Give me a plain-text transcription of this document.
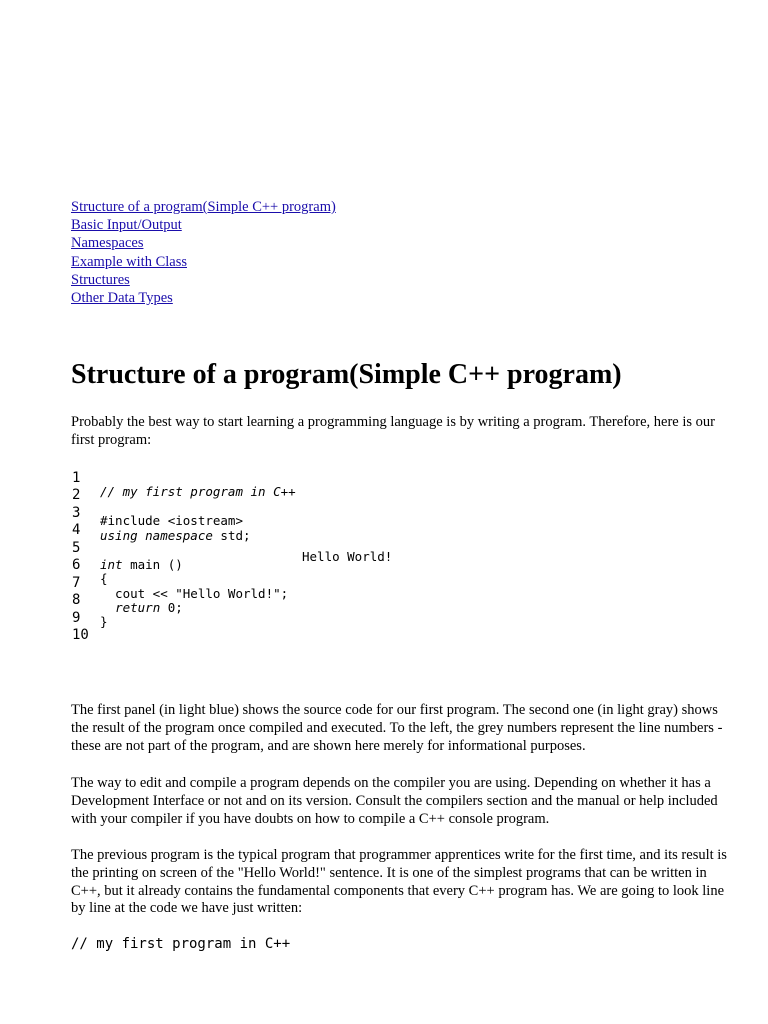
Structure of a program(Simple C++ program)
Basic Input/Output
Namespaces
Example with Class
Structures
Other Data Types
Structure of a program(Simple C++ program)

Probably the best way to start learning a programming language is by writing a program. Therefore, here is our first program:

1
2
3
4
5
6
7
8
9
10
// my first program in C++
#include <iostream>
using namespace std;
int main ()
{
cout << "Hello World!";
return 0;
}
Hello World!

The first panel (in light blue) shows the source code for our first program. The second one (in light gray) shows the result of the program once compiled and executed. To the left, the grey numbers represent the line numbers - these are not part of the program, and are shown here merely for informational purposes.

The way to edit and compile a program depends on the compiler you are using. Depending on whether it has a Development Interface or not and on its version. Consult the compilers section and the manual or help included with your compiler if you have doubts on how to compile a C++ console program.

The previous program is the typical program that programmer apprentices write for the first time, and its result is the printing on screen of the "Hello World!" sentence. It is one of the simplest programs that can be written in C++, but it already contains the fundamental components that every C++ program has. We are going to look line by line at the code we have just written:

// my first program in C++
